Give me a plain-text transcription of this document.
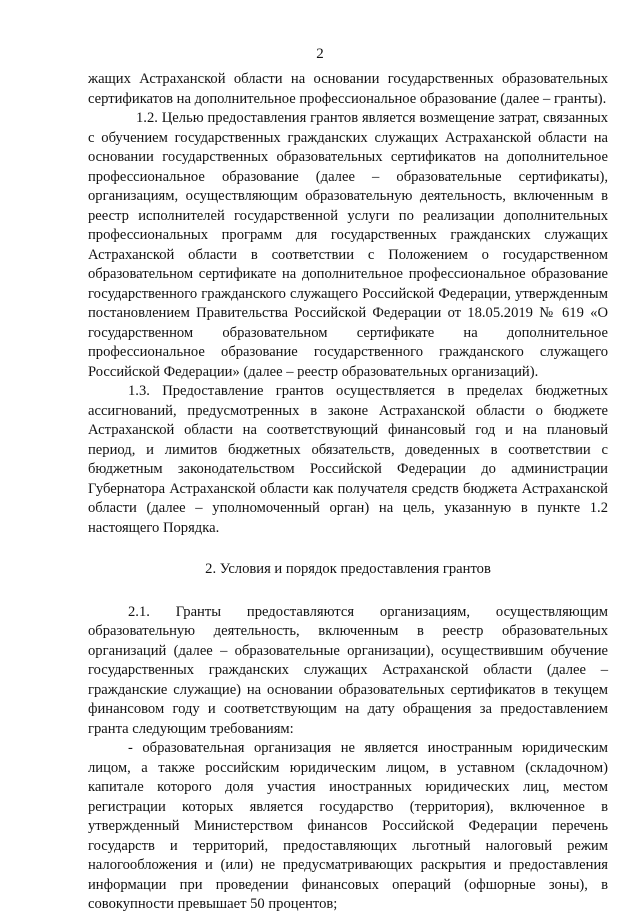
2

жащих Астраханской области на основании государственных образовательных сертификатов на дополнительное профессиональное образование (далее – гранты).

1.2. Целью предоставления грантов является возмещение затрат, связанных с обучением государственных гражданских служащих Астраханской области на основании государственных образовательных сертификатов на дополнительное профессиональное образование (далее – образовательные сертификаты), организациям, осуществляющим образовательную деятельность, включенным в реестр исполнителей государственной услуги по реализации дополнительных профессиональных программ для государственных гражданских служащих Астраханской области в соответствии с Положением о государственном образовательном сертификате на дополнительное профессиональное образование государственного гражданского служащего Российской Федерации, утвержденным постановлением Правительства Российской Федерации от 18.05.2019 № 619 «О государственном образовательном сертификате на дополнительное профессиональное образование государственного гражданского служащего Российской Федерации» (далее – реестр образовательных организаций).

1.3. Предоставление грантов осуществляется в пределах бюджетных ассигнований, предусмотренных в законе Астраханской области о бюджете Астраханской области на соответствующий финансовый год и на плановый период, и лимитов бюджетных обязательств, доведенных в соответствии с бюджетным законодательством Российской Федерации до администрации Губернатора Астраханской области как получателя средств бюджета Астраханской области (далее – уполномоченный орган) на цель, указанную в пункте 1.2 настоящего Порядка.

2. Условия и порядок предоставления грантов

2.1. Гранты предоставляются организациям, осуществляющим образовательную деятельность, включенным в реестр образовательных организаций (далее – образовательные организации), осуществившим обучение государственных гражданских служащих Астраханской области (далее – гражданские служащие) на основании образовательных сертификатов в текущем финансовом году и соответствующим на дату обращения за предоставлением гранта следующим требованиям:

- образовательная организация не является иностранным юридическим лицом, а также российским юридическим лицом, в уставном (складочном) капитале которого доля участия иностранных юридических лиц, местом регистрации которых является государство (территория), включенное в утвержденный Министерством финансов Российской Федерации перечень государств и территорий, предоставляющих льготный налоговый режим налогообложения и (или) не предусматривающих раскрытия и предоставления информации при проведении финансовых операций (офшорные зоны), в совокупности превышает 50 процентов;
